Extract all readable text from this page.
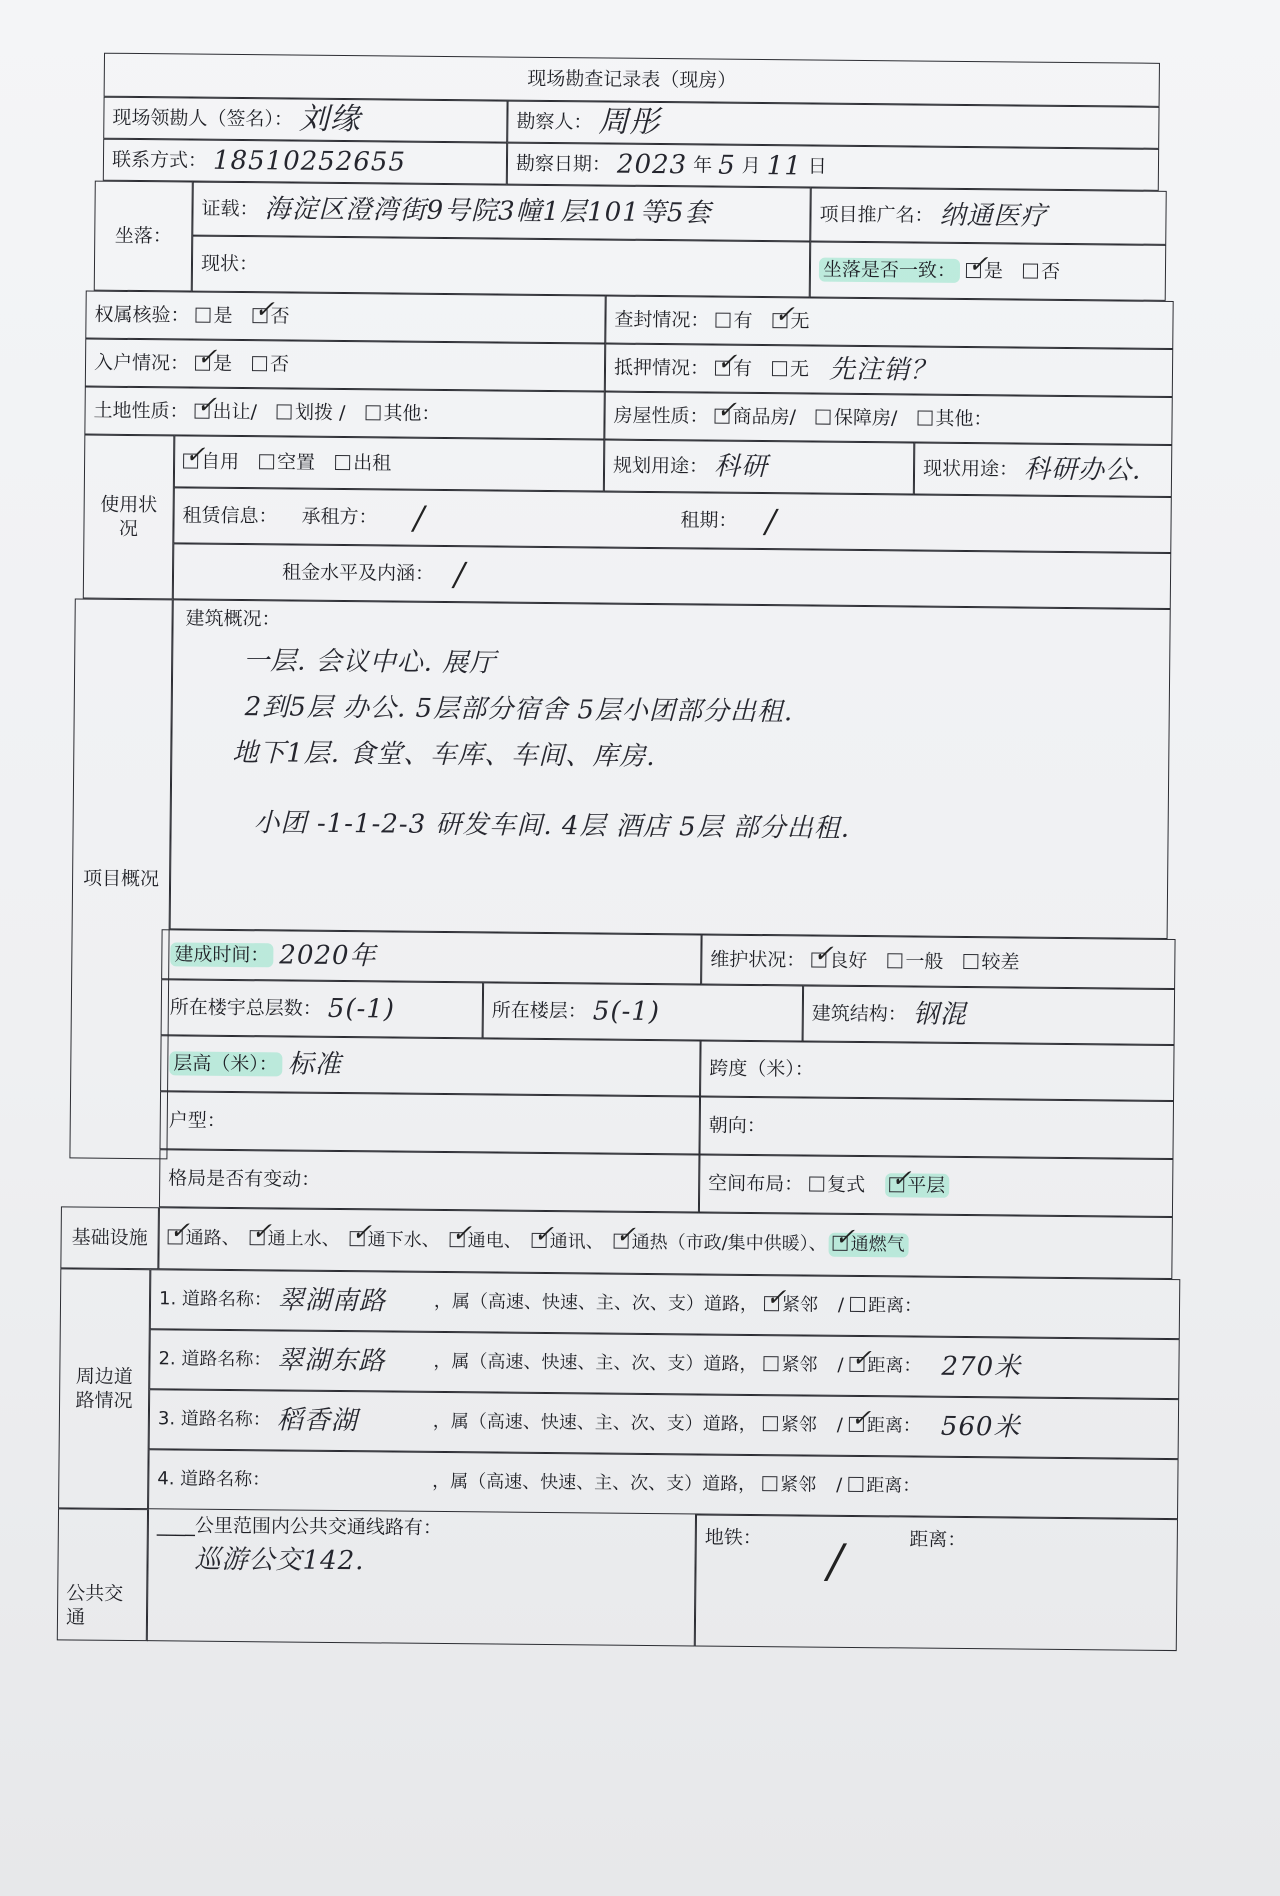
现场勘查记录表（现房）
现场领勘人（签名）： 刘缘	勘察人： 周彤
联系方式： 18510252655	勘察日期： 2023 年 5 月 11 日
坐落：
证载： 海淀区澄湾街9号院3幢1层101等5套	项目推广名： 纳通医疗
现状：	坐落是否一致： ✓	是	否
权属核验：	是 ✓	否	查封情况：	有 ✓	无
入户情况： ✓	是	否	抵押情况： ✓	有	无 先注销？
土地性质： ✓	出让/	划拨 /	其他：	房屋性质： ✓	商品房/	保障房/	其他：
使用状况
✓自用	空置	出租	规划用途： 科研	现状用途： 科研办公.
租赁信息： 承租方： /	租期： /
租金水平及内涵： /
项目概况
建筑概况：
一层. 会议中心. 展厅
2到5层 办公. 5层部分宿舍 5层小团部分出租.
地下1层. 食堂、车库、车间、库房.
小团 -1-1-2-3 研发车间. 4层 酒店 5层 部分出租.
建成时间： 2020年	维护状况： ✓	良好	一般	较差
所在楼宇总层数： 5(-1)	所在楼层： 5(-1)	建筑结构： 钢混
层高（米）： 标准	跨度（米）：
户型：	朝向：
格局是否有变动：	空间布局：	复式 ✓	平层
基础设施 ✓	通路、 ✓	通上水、 ✓	通下水、 ✓	通电、 ✓	通讯、 ✓	通热（市政/集中供暖）、 ✓	通燃气
周边道路情况
1. 道路名称： 翠湖南路	，属（高速、快速、主、次、支）道路， ✓	紧邻 /	距离：
2. 道路名称： 翠湖东路	，属（高速、快速、主、次、支）道路，	紧邻 / ✓	距离： 270米
3. 道路名称： 稻香湖	，属（高速、快速、主、次、支）道路，	紧邻 / ✓	距离： 560米
4. 道路名称：	，属（高速、快速、主、次、支）道路，	紧邻 /	距离：
公共交通
____公里范围内公共交通线路有：
巡游公交142.
地铁： /	距离：
